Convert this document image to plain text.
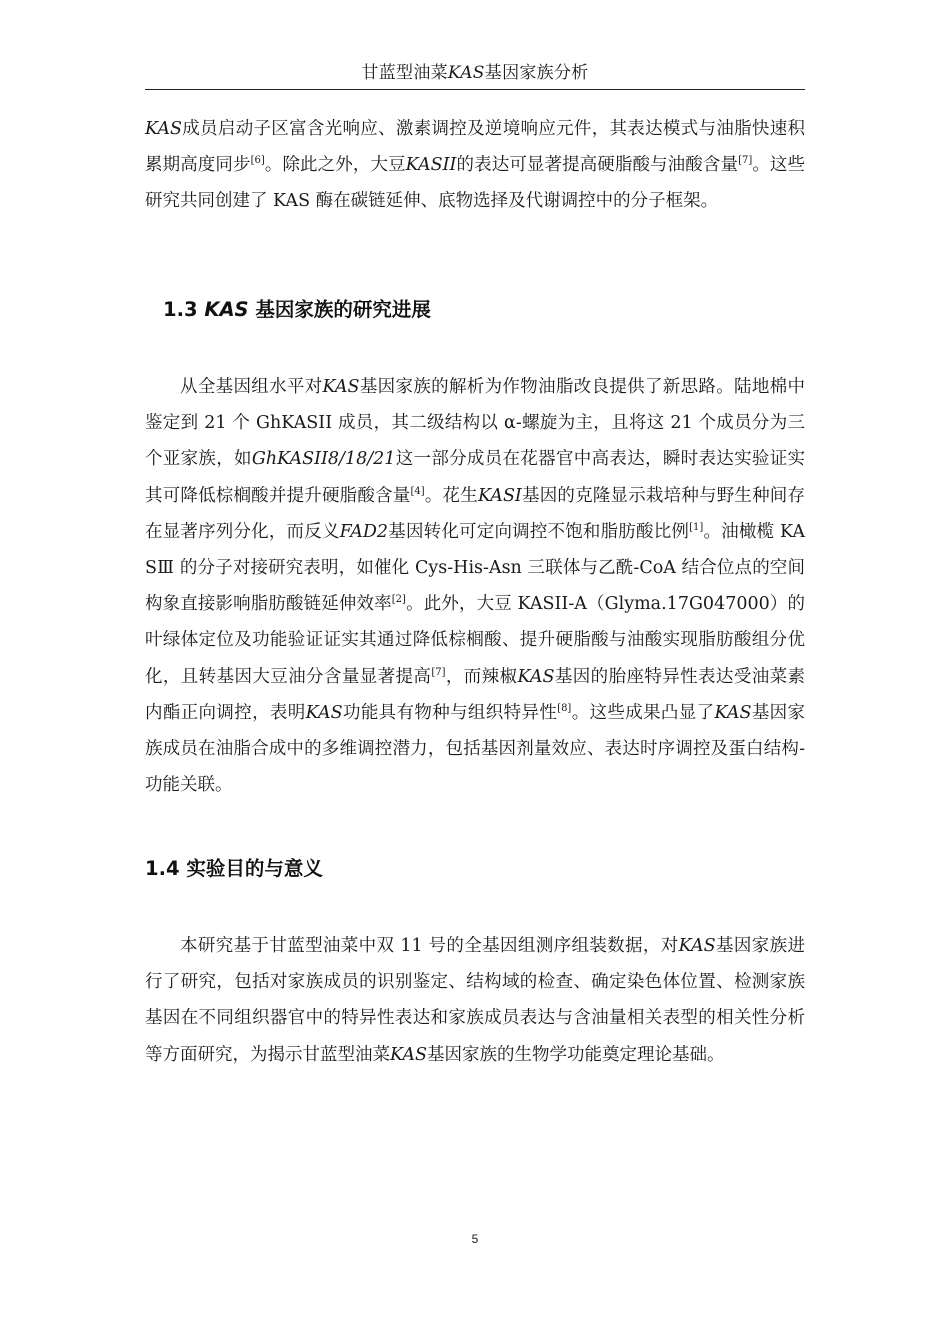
甘蓝型油菜KAS基因家族分析

KAS成员启动子区富含光响应、激素调控及逆境响应元件，其表达模式与油脂快速积累期高度同步[6]。除此之外，大豆KASII的表达可显著提高硬脂酸与油酸含量[7]。这些研究共同创建了 KAS 酶在碳链延伸、底物选择及代谢调控中的分子框架。

1.3 KAS 基因家族的研究进展

从全基因组水平对KAS基因家族的解析为作物油脂改良提供了新思路。陆地棉中鉴定到 21 个 GhKASII 成员，其二级结构以 α-螺旋为主，且将这 21 个成员分为三个亚家族，如GhKASII8/18/21这一部分成员在花器官中高表达，瞬时表达实验证实其可降低棕榈酸并提升硬脂酸含量[4]。花生KASI基因的克隆显示栽培种与野生种间存在显著序列分化，而反义FAD2基因转化可定向调控不饱和脂肪酸比例[1]。油橄榄 KASⅢ 的分子对接研究表明，如催化 Cys-His-Asn 三联体与乙酰-CoA 结合位点的空间构象直接影响脂肪酸链延伸效率[2]。此外，大豆 KASII-A（Glyma.17G047000）的叶绿体定位及功能验证证实其通过降低棕榈酸、提升硬脂酸与油酸实现脂肪酸组分优化，且转基因大豆油分含量显著提高[7]，而辣椒KAS基因的胎座特异性表达受油菜素内酯正向调控，表明KAS功能具有物种与组织特异性[8]。这些成果凸显了KAS基因家族成员在油脂合成中的多维调控潜力，包括基因剂量效应、表达时序调控及蛋白结构-功能关联。

1.4 实验目的与意义

本研究基于甘蓝型油菜中双 11 号的全基因组测序组装数据，对KAS基因家族进行了研究，包括对家族成员的识别鉴定、结构域的检查、确定染色体位置、检测家族基因在不同组织器官中的特异性表达和家族成员表达与含油量相关表型的相关性分析等方面研究，为揭示甘蓝型油菜KAS基因家族的生物学功能奠定理论基础。

5
